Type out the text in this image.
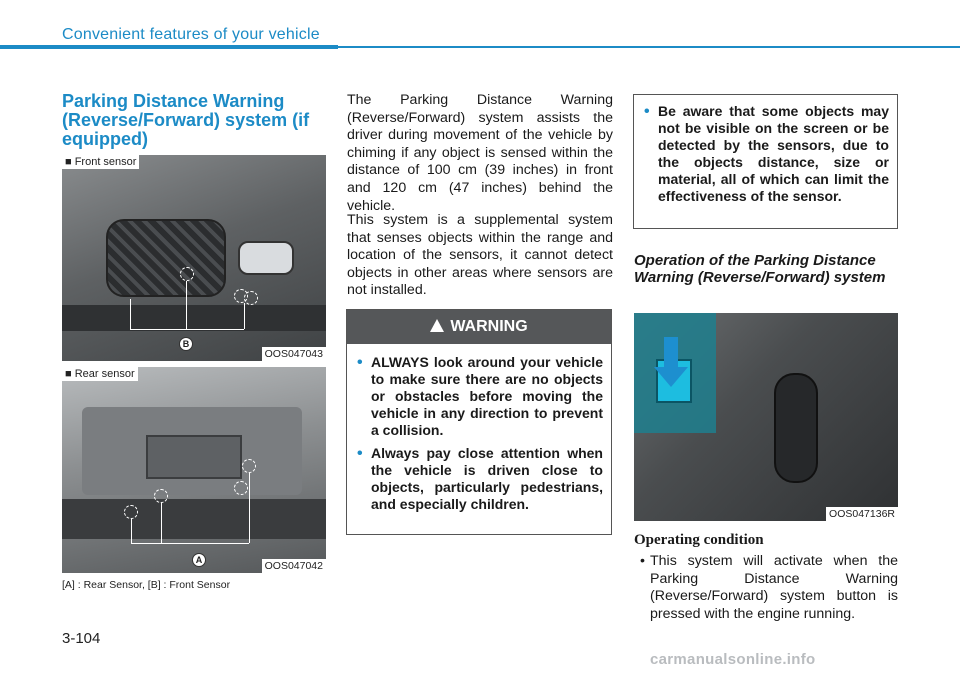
Convenient features of your vehicle
Parking Distance Warning (Reverse/Forward) system (if equipped)
B
■ Front sensor
OOS047043
A
■ Rear sensor
OOS047042
[A] : Rear Sensor, [B] : Front Sensor

The Parking Distance Warning (Reverse/Forward) system assists the driver during movement of the vehicle by chiming if any object is sensed within the distance of 100 cm (39 inches) in front and 120 cm (47 inches) behind the vehicle.

This system is a supplemental system that senses objects within the range and location of the sensors, it cannot detect objects in other areas where sensors are not installed.

!WARNING
• ALWAYS look around your vehicle to make sure there are no objects or obstacles before moving the vehicle in any direction to prevent a collision.
• Always pay close attention when the vehicle is driven close to objects, particularly pedestrians, and especially children.
• Be aware that some objects may not be visible on the screen or be detected by the sensors, due to the objects distance, size or material, all of which can limit the effectiveness of the sensor.
Operation of the Parking Distance Warning (Reverse/Forward) system
OOS047136R
Operating condition
• This system will activate when the Parking Distance Warning (Reverse/Forward) system button is pressed with the engine running.
3-104
carmanualsonline.info
